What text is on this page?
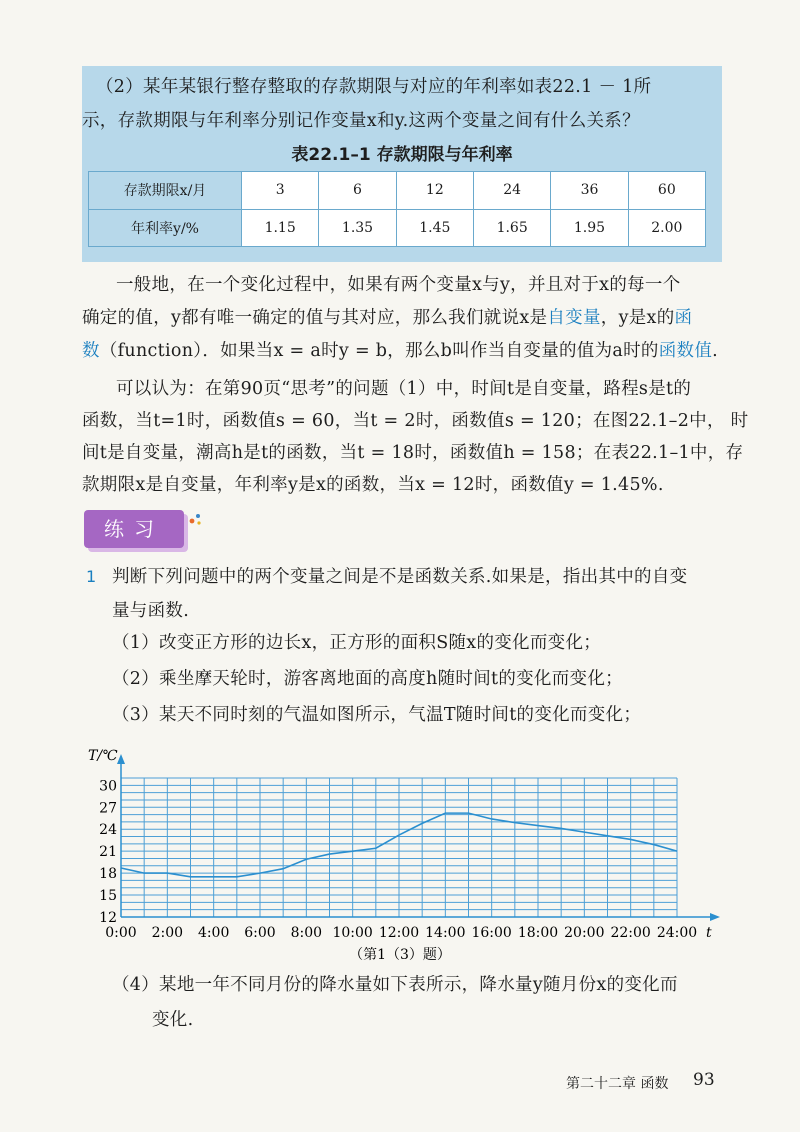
（2）某年某银行整存整取的存款期限与对应的年利率如表22.1 － 1所
示，存款期限与年利率分别记作变量x和y.这两个变量之间有什么关系？
表22.1–1 存款期限与年利率
存款期限x/月	3	6	12	24	36	60
年利率y/%	1.15	1.35	1.45	1.65	1.95	2.00
一般地，在一个变化过程中，如果有两个变量x与y，并且对于x的每一个
确定的值，y都有唯一确定的值与其对应，那么我们就说x是自变量，y是x的函
数（function）．如果当x = a时y = b，那么b叫作当自变量的值为a时的函数值.
可以认为：在第90页“思考”的问题（1）中，时间t是自变量，路程s是t的
函数，当t=1时，函数值s = 60，当t = 2时，函数值s = 120；在图22.1–2中， 时
间t是自变量，潮高h是t的函数，当t = 18时，函数值h = 158；在表22.1–1中，存
款期限x是自变量，年利率y是x的函数，当x = 12时，函数值y = 1.45%.
练习
1 判断下列问题中的两个变量之间是不是函数关系.如果是，指出其中的自变
量与函数.
（1）改变正方形的边长x，正方形的面积S随x的变化而变化；
（2）乘坐摩天轮时，游客离地面的高度h随时间t的变化而变化；
（3）某天不同时刻的气温如图所示，气温T随时间t的变化而变化；
30
27
24
21
18
15
12
0:00 2:00 4:00 6:00 8:00 10:00 12:00 14:00 16:00 18:00 20:00 22:00 24:00
T/℃
t
（第1（3）题）
（4）某地一年不同月份的降水量如下表所示，降水量y随月份x的变化而
变化.
第二十二章 函数 93
